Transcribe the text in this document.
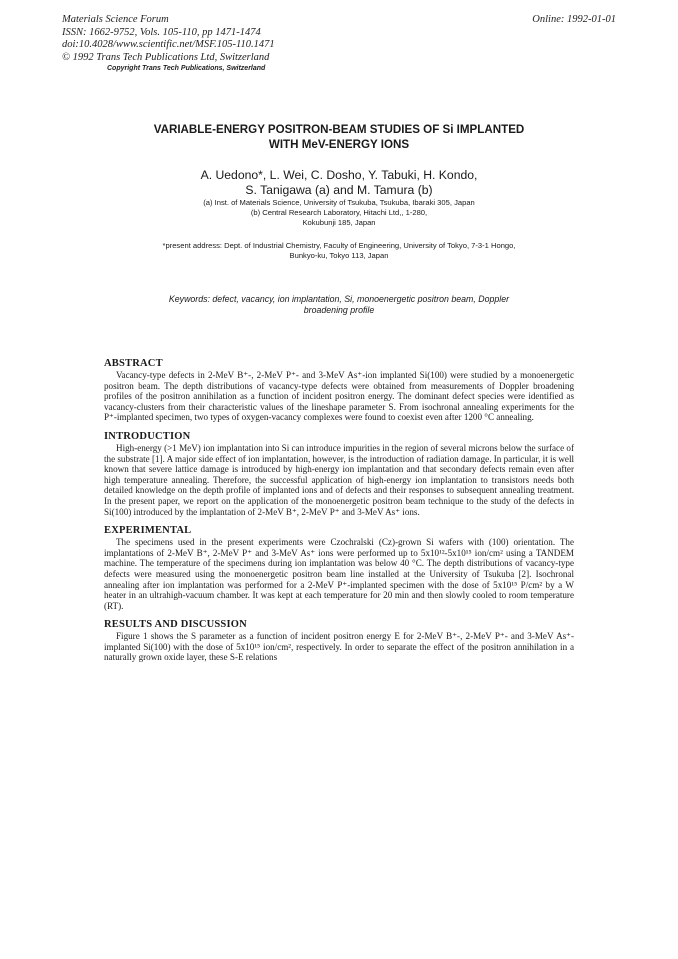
Materials Science Forum
ISSN: 1662-9752, Vols. 105-110, pp 1471-1474
doi:10.4028/www.scientific.net/MSF.105-110.1471
© 1992 Trans Tech Publications Ltd, Switzerland
Copyright Trans Tech Publications, Switzerland
Online: 1992-01-01
VARIABLE-ENERGY POSITRON-BEAM STUDIES OF Si IMPLANTED
WITH MeV-ENERGY IONS
A. Uedono*, L. Wei, C. Dosho, Y. Tabuki, H. Kondo,
S. Tanigawa (a) and M. Tamura (b)
(a) Inst. of Materials Science, University of Tsukuba, Tsukuba, Ibaraki 305, Japan
(b) Central Research Laboratory, Hitachi Ltd,, 1-280,
Kokubunji 185, Japan
*present address: Dept. of Industrial Chemistry, Faculty of Engineering, University of Tokyo, 7-3-1 Hongo,
Bunkyo-ku, Tokyo 113, Japan
Keywords: defect, vacancy, ion implantation, Si, monoenergetic positron beam, Doppler
broadening profile
ABSTRACT

Vacancy-type defects in 2-MeV B⁺-, 2-MeV P⁺- and 3-MeV As⁺-ion implanted Si(100) were studied by a monoenergetic positron beam. The depth distributions of vacancy-type defects were obtained from measurements of Doppler broadening profiles of the positron annihilation as a function of incident positron energy. The dominant defect species were identified as vacancy-clusters from their characteristic values of the lineshape parameter S. From isochronal annealing experiments for the P⁺-implanted specimen, two types of oxygen-vacancy complexes were found to coexist even after 1200 °C annealing.

INTRODUCTION

High-energy (>1 MeV) ion implantation into Si can introduce impurities in the region of several microns below the surface of the substrate [1]. A major side effect of ion implantation, however, is the introduction of radiation damage. In particular, it is well known that severe lattice damage is introduced by high-energy ion implantation and that secondary defects remain even after high temperature annealing. Therefore, the successful application of high-energy ion implantation to transistors needs both detailed knowledge on the depth profile of implanted ions and of defects and their responses to subsequent annealing treatment. In the present paper, we report on the application of the monoenergetic positron beam technique to the study of the defects in Si(100) introduced by the implantation of 2-MeV B⁺, 2-MeV P⁺ and 3-MeV As⁺ ions.

EXPERIMENTAL

The specimens used in the present experiments were Czochralski (Cz)-grown Si wafers with (100) orientation. The implantations of 2-MeV B⁺, 2-MeV P⁺ and 3-MeV As⁺ ions were performed up to 5x10¹²-5x10¹⁵ ion/cm² using a TANDEM machine. The temperature of the specimens during ion implantation was below 40 °C. The depth distributions of vacancy-type defects were measured using the monoenergetic positron beam line installed at the University of Tsukuba [2]. Isochronal annealing after ion implantation was performed for a 2-MeV P⁺-implanted specimen with the dose of 5x10¹⁵ P/cm² by a W heater in an ultrahigh-vacuum chamber. It was kept at each temperature for 20 min and then slowly cooled to room temperature (RT).

RESULTS AND DISCUSSION

Figure 1 shows the S parameter as a function of incident positron energy E for 2-MeV B⁺-, 2-MeV P⁺- and 3-MeV As⁺-implanted Si(100) with the dose of 5x10¹⁵ ion/cm², respectively. In order to separate the effect of the positron annihilation in a naturally grown oxide layer, these S-E relations
